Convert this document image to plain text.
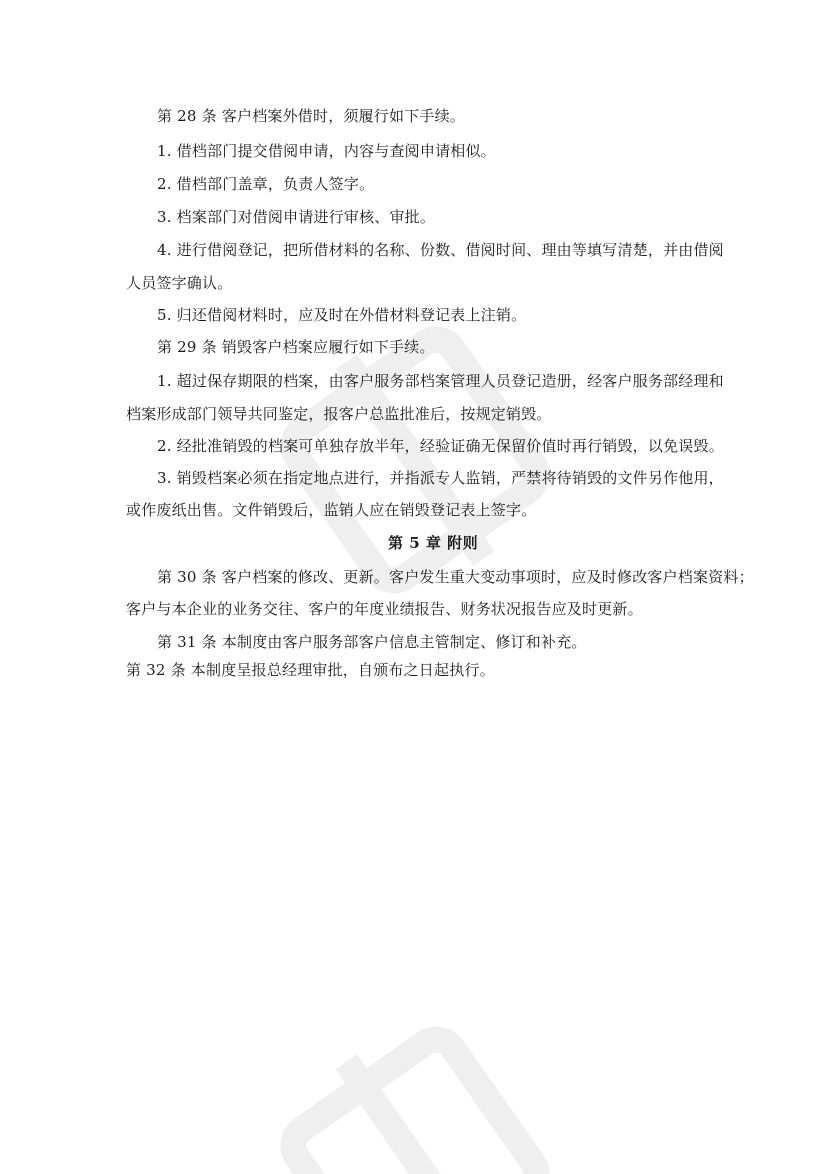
第 28 条 客户档案外借时，须履行如下手续。
1. 借档部门提交借阅申请，内容与查阅申请相似。
2. 借档部门盖章，负责人签字。
3. 档案部门对借阅申请进行审核、审批。
4. 进行借阅登记，把所借材料的名称、份数、借阅时间、理由等填写清楚，并由借阅
人员签字确认。
5. 归还借阅材料时，应及时在外借材料登记表上注销。
第 29 条 销毁客户档案应履行如下手续。
1. 超过保存期限的档案，由客户服务部档案管理人员登记造册，经客户服务部经理和
档案形成部门领导共同鉴定，报客户总监批准后，按规定销毁。
2. 经批准销毁的档案可单独存放半年，经验证确无保留价值时再行销毁，以免误毁。
3. 销毁档案必须在指定地点进行，并指派专人监销，严禁将待销毁的文件另作他用，
或作废纸出售。文件销毁后，监销人应在销毁登记表上签字。
第 5 章 附则
第 30 条 客户档案的修改、更新。客户发生重大变动事项时，应及时修改客户档案资料；
客户与本企业的业务交往、客户的年度业绩报告、财务状况报告应及时更新。
第 31 条 本制度由客户服务部客户信息主管制定、修订和补充。
第 32 条 本制度呈报总经理审批，自颁布之日起执行。
